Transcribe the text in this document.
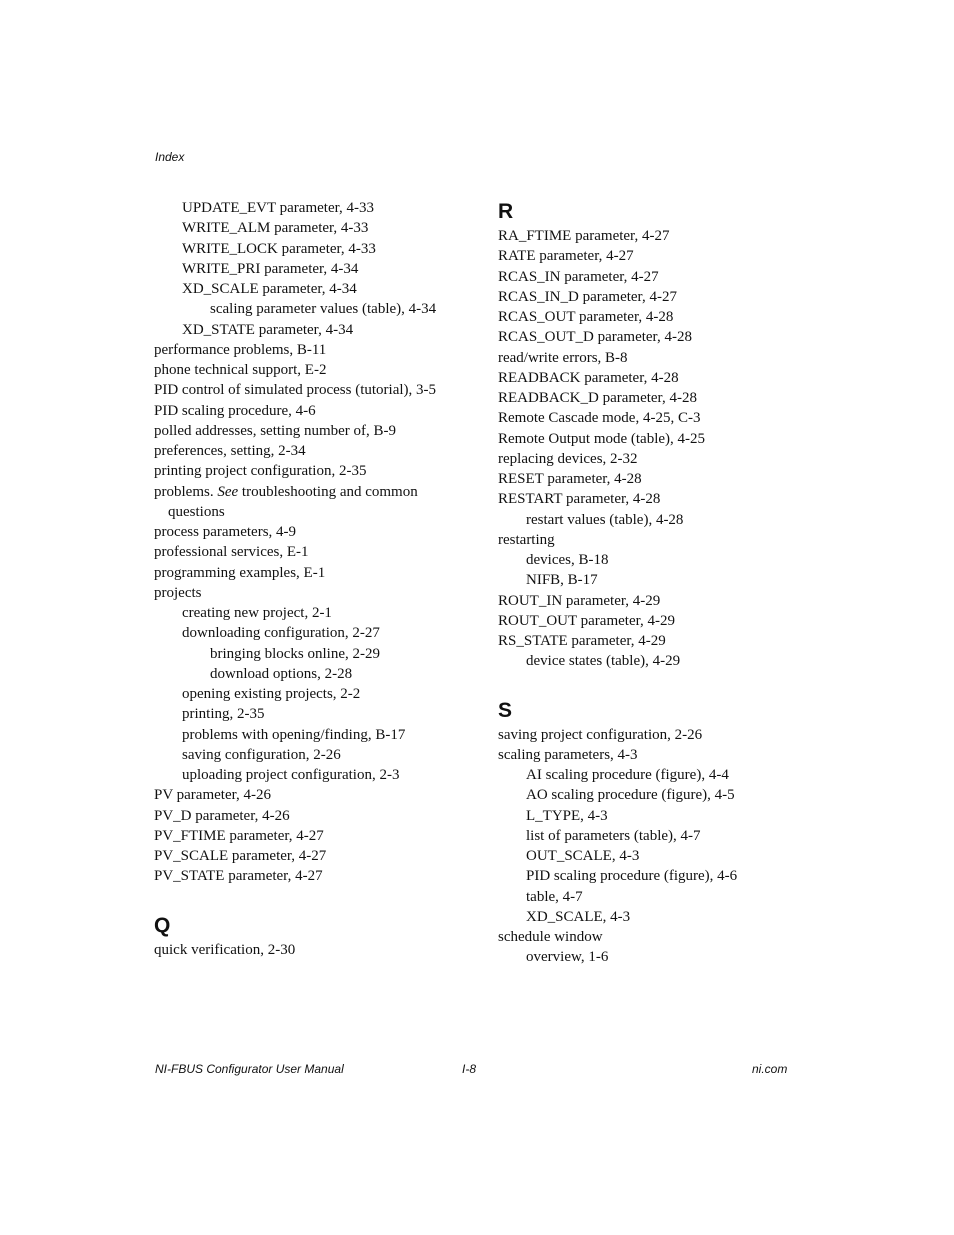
Index
UPDATE_EVT parameter, 4-33
WRITE_ALM parameter, 4-33
WRITE_LOCK parameter, 4-33
WRITE_PRI parameter, 4-34
XD_SCALE parameter, 4-34
scaling parameter values (table), 4-34
XD_STATE parameter, 4-34
performance problems, B-11
phone technical support, E-2
PID control of simulated process (tutorial), 3-5
PID scaling procedure, 4-6
polled addresses, setting number of, B-9
preferences, setting, 2-34
printing project configuration, 2-35
problems. See troubleshooting and common
questions
process parameters, 4-9
professional services, E-1
programming examples, E-1
projects
creating new project, 2-1
downloading configuration, 2-27
bringing blocks online, 2-29
download options, 2-28
opening existing projects, 2-2
printing, 2-35
problems with opening/finding, B-17
saving configuration, 2-26
uploading project configuration, 2-3
PV parameter, 4-26
PV_D parameter, 4-26
PV_FTIME parameter, 4-27
PV_SCALE parameter, 4-27
PV_STATE parameter, 4-27
Q
quick verification, 2-30
R
RA_FTIME parameter, 4-27
RATE parameter, 4-27
RCAS_IN parameter, 4-27
RCAS_IN_D parameter, 4-27
RCAS_OUT parameter, 4-28
RCAS_OUT_D parameter, 4-28
read/write errors, B-8
READBACK parameter, 4-28
READBACK_D parameter, 4-28
Remote Cascade mode, 4-25, C-3
Remote Output mode (table), 4-25
replacing devices, 2-32
RESET parameter, 4-28
RESTART parameter, 4-28
restart values (table), 4-28
restarting
devices, B-18
NIFB, B-17
ROUT_IN parameter, 4-29
ROUT_OUT parameter, 4-29
RS_STATE parameter, 4-29
device states (table), 4-29
S
saving project configuration, 2-26
scaling parameters, 4-3
AI scaling procedure (figure), 4-4
AO scaling procedure (figure), 4-5
L_TYPE, 4-3
list of parameters (table), 4-7
OUT_SCALE, 4-3
PID scaling procedure (figure), 4-6
table, 4-7
XD_SCALE, 4-3
schedule window
overview, 1-6
NI-FBUS Configurator User Manual	I-8	ni.com
